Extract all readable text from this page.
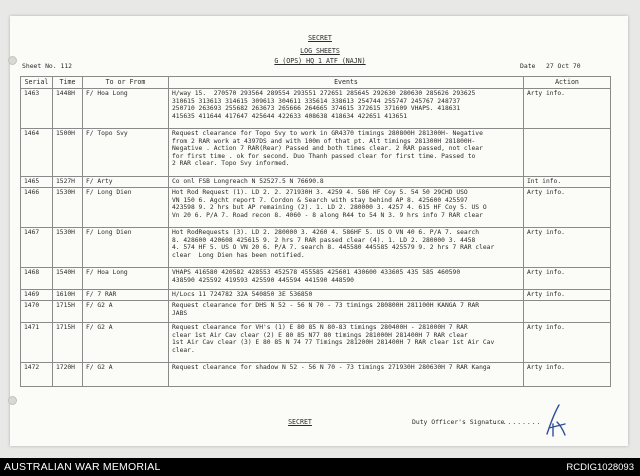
SECRET
LOG SHEETS
G (OPS) HQ 1 ATF (NAJN)
Sheet No. 112	Date 27 Oct 70
Serial	Time	To or From	Events	Action
1463	1448H	F/ Hoa Long	H/way 15.  270570 293564 289554 293551 272651 285645 292630 280630 285626 293625
310615 313613 314615 309613 304611 335614 338613 254744 255747 245767 248737
250710 263693 255682 263673 265666 264665 374615 372615 371609 VHAPS. 418631
415635 411644 417647 425644 422633 408638 418634 422651 413651	Arty info.
1464	1500H	F/ Topo Svy	Request clearance for Topo Svy to work in GR4370 timings 280800H 281300H- Negative
from 2 RAR work at 4397DS and with 100m of that pt. Alt timings 281300H 281800H-
Negative . Action 7 RAR(Rear) Passed and both times clear. 2 RAR passed, not clear
for first time . ok for second. Duo Thanh passed clear for first time. Passed to
2 RAR clear. Topo Svy informed.	
1465	1527H	F/ Arty	Co onl FSB Longreach N 52527.5 N 76690.8	Int info.
1466	1530H	F/ Long Dien	Hot Rod Request (1). LD 2. 2. 271930H 3. 4259 4. 586 HF Coy 5. 54 50 29CHD USO
VN 150 6. Agcht report 7. Cordon & Search with stay behind AP 8. 425600 425597
423598 9. 2 hrs but AP remaining (2). 1. LD 2. 280000 3. 4257 4. 615 HF Coy 5. US O
Vn 20 6. P/A 7. Road recon 8. 4060 - 8 along R44 to 54 N 3. 9 hrs info 7 RAR clear	Arty info.
1467	1530H	F/ Long Dien	Hot RodRequests (3). LD 2. 280000 3. 4260 4. 586HF 5. US O VN 40 6. P/A 7. search
8. 428600 420608 425615 9. 2 hrs 7 RAR passed clear (4). 1. LD 2. 280000 3. 4458
4. 574 HF 5. US O VN 20 6. P/A 7. search 8. 445580 445585 425579 9. 2 hrs 7 RAR clear
clear  Long Dien has been notified.	Arty info.
1468	1540H	F/ Hoa Long	VHAPS 416580 420582 428553 452578 455585 425601 430600 433605 435 585 460590
438590 425592 419593 425590 445594 441590 448590	Arty info.
1469	1610H	F/ 7 RAR	H/Locs 11 724782 32A 540850 3E 536850	Arty info.
1470	1715H	F/ G2 A	Request clearance for DHS N 52 - 56 N 70 - 73 timings 280800H 281100H KANGA 7 RAR
JABS	
1471	1715H	F/ G2 A	Request clearance for VH's (1) E 80 85 N 80-83 timings 280400H - 281000H 7 RAR
clear 1st Air Cav clear (2) E 80 85 N77 80 timings 281000H 281400H 7 RAR clear
1st Air Cav clear (3) E 80 85 N 74 77 Timings 281200H 281400H 7 RAR clear 1st Air Cav
clear.	Arty info.
1472	1720H	F/ G2 A	Request clearance for shadow N 52 - 56 N 70 - 73 timings 271930H 280630H 7 RAR Kanga	Arty info.
SECRET	Duty Officer's Signature
..........
AUSTRALIAN WAR MEMORIAL	RCDIG1028093
